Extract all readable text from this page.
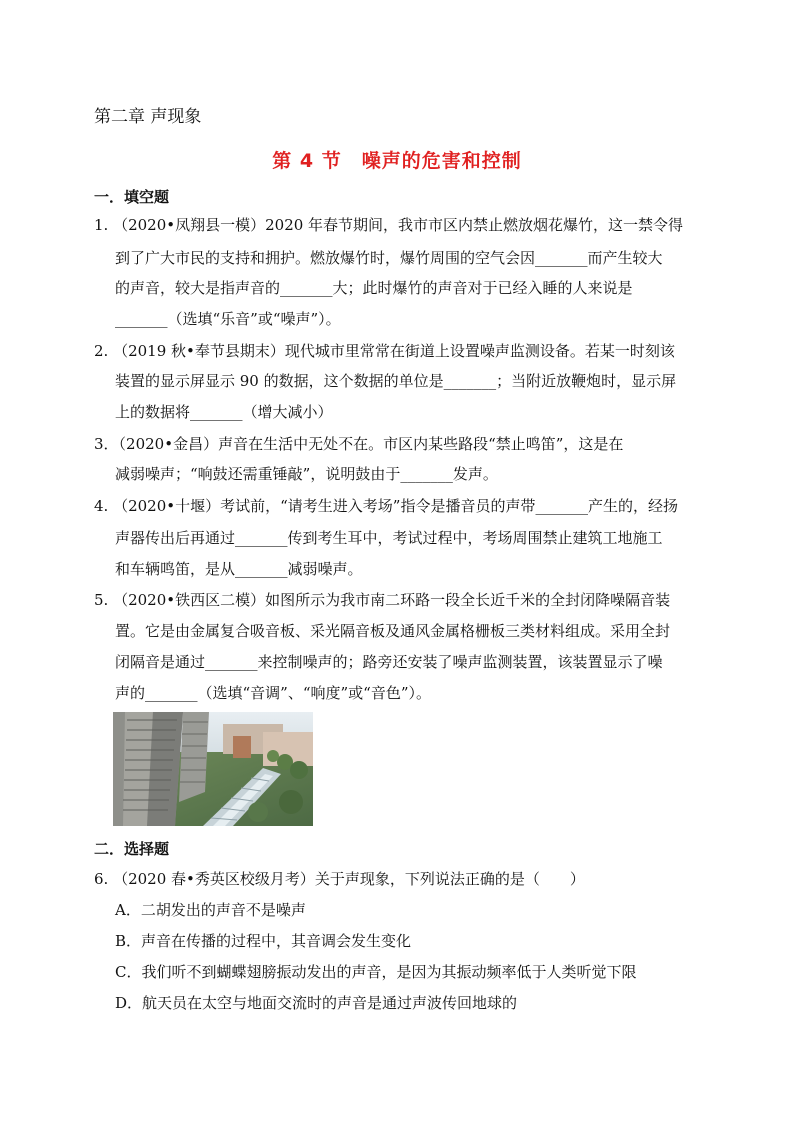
第二章 声现象
第 4 节　噪声的危害和控制
一．填空题
1. （2020•凤翔县一模）2020 年春节期间，我市市区内禁止燃放烟花爆竹，这一禁令得
到了广大市民的支持和拥护。燃放爆竹时，爆竹周围的空气会因_______而产生较大
的声音，较大是指声音的_______大；此时爆竹的声音对于已经入睡的人来说是
_______（选填“乐音”或“噪声”）。
2. （2019 秋•奉节县期末）现代城市里常常在街道上设置噪声监测设备。若某一时刻该
装置的显示屏显示 90 的数据，这个数据的单位是_______；当附近放鞭炮时，显示屏
上的数据将_______（增大减小）
3．（2020•金昌）声音在生活中无处不在。市区内某些路段“禁止鸣笛”，这是在
减弱噪声；“响鼓还需重锤敲”，说明鼓由于_______发声。
4. （2020•十堰）考试前，“请考生进入考场”指令是播音员的声带_______产生的，经扬
声器传出后再通过_______传到考生耳中，考试过程中，考场周围禁止建筑工地施工
和车辆鸣笛，是从_______减弱噪声。
5. （2020•铁西区二模）如图所示为我市南二环路一段全长近千米的全封闭降噪隔音装
置。它是由金属复合吸音板、采光隔音板及通风金属格栅板三类材料组成。采用全封
闭隔音是通过_______来控制噪声的；路旁还安装了噪声监测装置，该装置显示了噪
声的_______（选填“音调”、“响度”或“音色”）。
二．选择题
6. （2020 春•秀英区校级月考）关于声现象，下列说法正确的是（　　）
A．二胡发出的声音不是噪声
B．声音在传播的过程中，其音调会发生变化
C．我们听不到蝴蝶翅膀振动发出的声音，是因为其振动频率低于人类听觉下限
D．航天员在太空与地面交流时的声音是通过声波传回地球的
